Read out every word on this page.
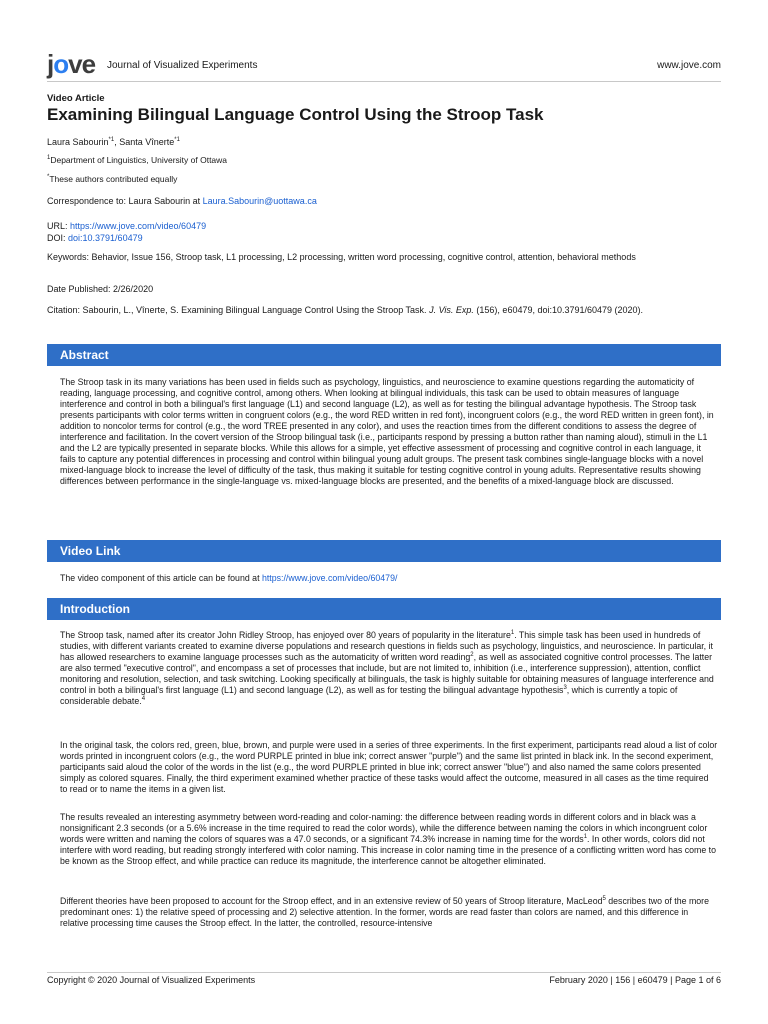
jove Journal of Visualized Experiments	www.jove.com
Video Article
Examining Bilingual Language Control Using the Stroop Task
Laura Sabourin$^{*1}$, Santa Vînerte$^{*1}$
$^1$Department of Linguistics, University of Ottawa
*These authors contributed equally
Correspondence to: Laura Sabourin at Laura.Sabourin@uottawa.ca
URL: https://www.jove.com/video/60479
DOI: doi:10.3791/60479
Keywords: Behavior, Issue 156, Stroop task, L1 processing, L2 processing, written word processing, cognitive control, attention, behavioral methods
Date Published: 2/26/2020
Citation: Sabourin, L., Vînerte, S. Examining Bilingual Language Control Using the Stroop Task. J. Vis. Exp. (156), e60479, doi:10.3791/60479 (2020).
Abstract
The Stroop task in its many variations has been used in fields such as psychology, linguistics, and neuroscience to examine questions regarding the automaticity of reading, language processing, and cognitive control, among others. When looking at bilingual individuals, this task can be used to obtain measures of language interference and control in both a bilingual's first language (L1) and second language (L2), as well as for testing the bilingual advantage hypothesis. The Stroop task presents participants with color terms written in congruent colors (e.g., the word RED written in red font), incongruent colors (e.g., the word RED written in green font), in addition to noncolor terms for control (e.g., the word TREE presented in any color), and uses the reaction times from the different conditions to assess the degree of interference and facilitation. In the covert version of the Stroop bilingual task (i.e., participants respond by pressing a button rather than naming aloud), stimuli in the L1 and the L2 are typically presented in separate blocks. While this allows for a simple, yet effective assessment of processing and cognitive control in each language, it fails to capture any potential differences in processing and control within bilingual young adult groups. The present task combines single-language blocks with a novel mixed-language block to increase the level of difficulty of the task, thus making it suitable for testing cognitive control in young adults. Representative results showing differences between performance in the single-language vs. mixed-language blocks are presented, and the benefits of a mixed-language block are discussed.
Video Link
The video component of this article can be found at https://www.jove.com/video/60479/
Introduction
The Stroop task, named after its creator John Ridley Stroop, has enjoyed over 80 years of popularity in the literature$^1$. This simple task has been used in hundreds of studies, with different variants created to examine diverse populations and research questions in fields such as psychology, linguistics, and neuroscience. In particular, it has allowed researchers to examine language processes such as the automaticity of written word reading$^2$, as well as associated cognitive control processes. The latter are also termed "executive control", and encompass a set of processes that include, but are not limited to, inhibition (i.e., interference suppression), attention, conflict monitoring and resolution, selection, and task switching. Looking specifically at bilinguals, the task is highly suitable for obtaining measures of language interference and control in both a bilingual's first language (L1) and second language (L2), as well as for testing the bilingual advantage hypothesis$^3$, which is currently a topic of considerable debate.$^4$
In the original task, the colors red, green, blue, brown, and purple were used in a series of three experiments. In the first experiment, participants read aloud a list of color words printed in incongruent colors (e.g., the word PURPLE printed in blue ink; correct answer "purple") and the same list printed in black ink. In the second experiment, participants said aloud the color of the words in the list (e.g., the word PURPLE printed in blue ink; correct answer "blue") and also named the same colors presented simply as colored squares. Finally, the third experiment examined whether practice of these tasks would affect the outcome, measured in all cases as the time required to read or to name the items in a given list.
The results revealed an interesting asymmetry between word-reading and color-naming: the difference between reading words in different colors and in black was a nonsignificant 2.3 seconds (or a 5.6% increase in the time required to read the color words), while the difference between naming the colors in which incongruent color words were written and naming the colors of squares was a 47.0 seconds, or a significant 74.3% increase in naming time for the words$^1$. In other words, colors did not interfere with word reading, but reading strongly interfered with color naming. This increase in color naming time in the presence of a conflicting written word has come to be known as the Stroop effect, and while practice can reduce its magnitude, the interference cannot be altogether eliminated.
Different theories have been proposed to account for the Stroop effect, and in an extensive review of 50 years of Stroop literature, MacLeod$^5$ describes two of the more predominant ones: 1) the relative speed of processing and 2) selective attention. In the former, words are read faster than colors are named, and this difference in relative processing time causes the Stroop effect. In the latter, the controlled, resource-intensive
Copyright © 2020 Journal of Visualized Experiments	February 2020 | 156 | e60479 | Page 1 of 6
